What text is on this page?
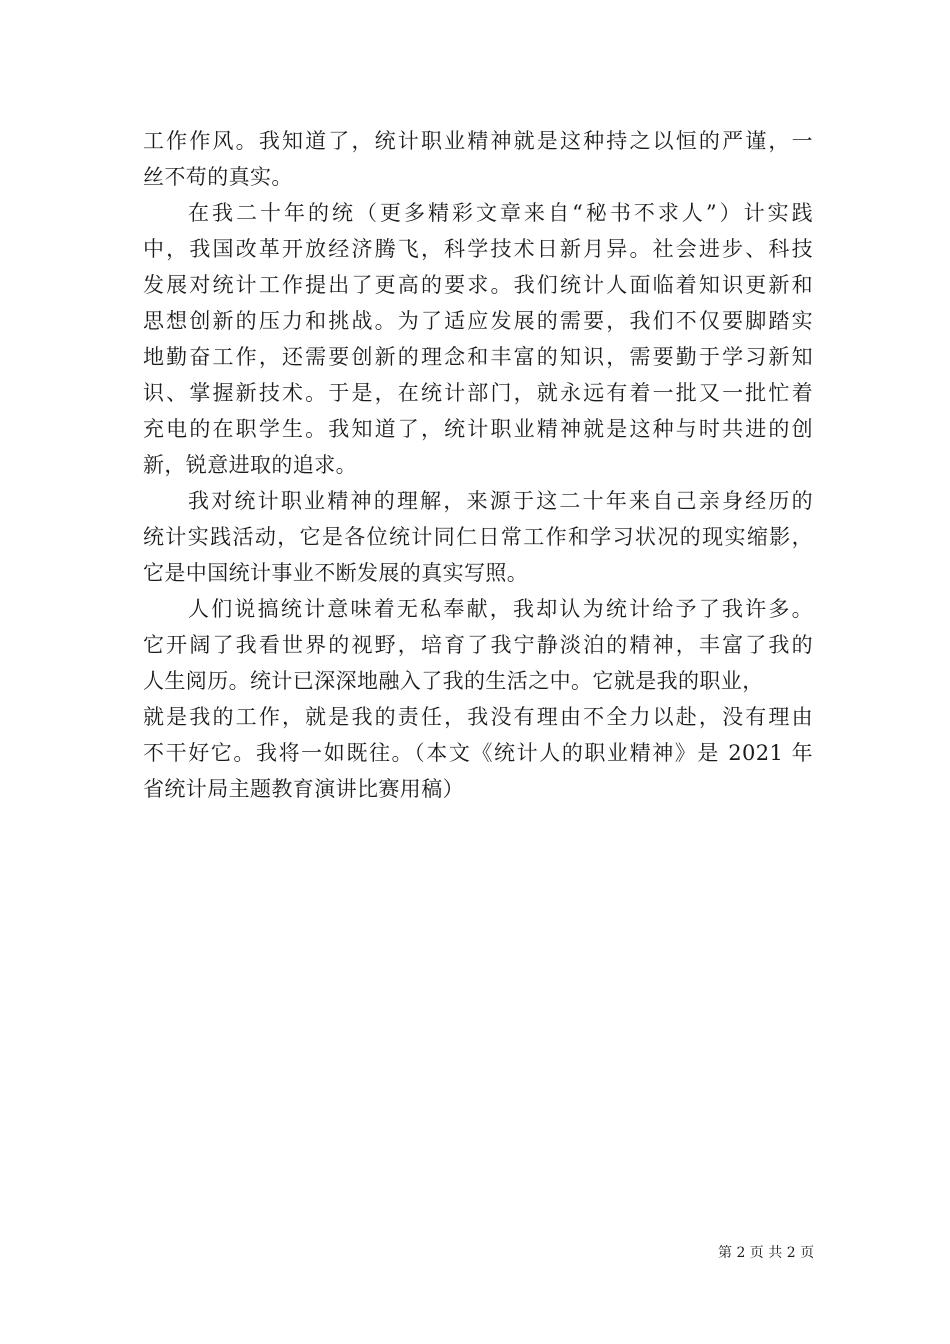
工作作风。我知道了，统计职业精神就是这种持之以恒的严谨，一
丝不苟的真实。
在我二十年的统（更多精彩文章来自“秘书不求人”）计实践
中，我国改革开放经济腾飞，科学技术日新月异。社会进步、科技
发展对统计工作提出了更高的要求。我们统计人面临着知识更新和
思想创新的压力和挑战。为了适应发展的需要，我们不仅要脚踏实
地勤奋工作，还需要创新的理念和丰富的知识，需要勤于学习新知
识、掌握新技术。于是，在统计部门，就永远有着一批又一批忙着
充电的在职学生。我知道了，统计职业精神就是这种与时共进的创
新，锐意进取的追求。
我对统计职业精神的理解，来源于这二十年来自己亲身经历的
统计实践活动，它是各位统计同仁日常工作和学习状况的现实缩影，
它是中国统计事业不断发展的真实写照。
人们说搞统计意味着无私奉献，我却认为统计给予了我许多。
它开阔了我看世界的视野，培育了我宁静淡泊的精神，丰富了我的
人生阅历。统计已深深地融入了我的生活之中。它就是我的职业，
就是我的工作，就是我的责任，我没有理由不全力以赴，没有理由
不干好它。我将一如既往。（本文《统计人的职业精神》是 2021 年
省统计局主题教育演讲比赛用稿）
第 2 页 共 2 页
